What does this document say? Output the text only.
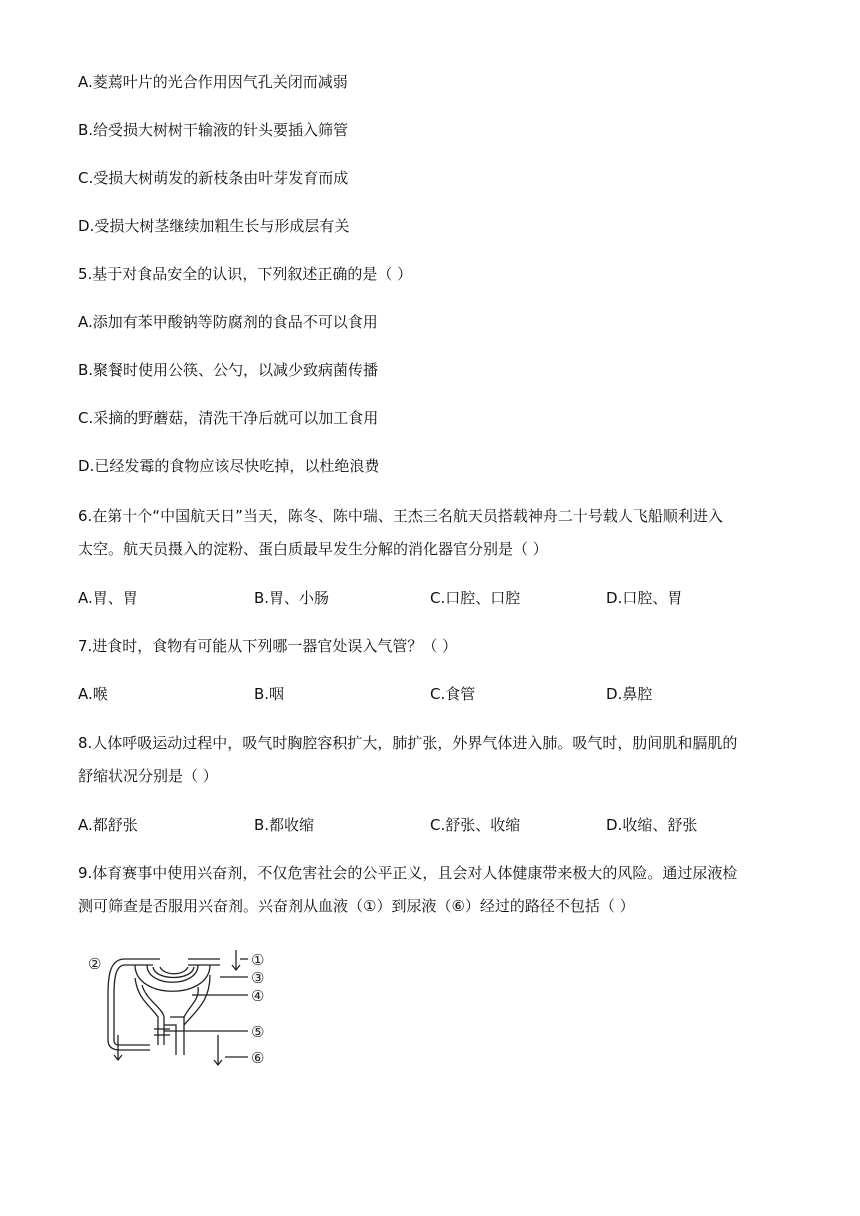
A.菱蔫叶片的光合作用因气孔关闭而减弱
B.给受损大树树干输液的针头要插入筛管
C.受损大树萌发的新枝条由叶芽发育而成
D.受损大树茎继续加粗生长与形成层有关
5.基于对食品安全的认识，下列叙述正确的是（ ）
A.添加有苯甲酸钠等防腐剂的食品不可以食用
B.聚餐时使用公筷、公勺，以减少致病菌传播
C.采摘的野蘑菇，清洗干净后就可以加工食用
D.已经发霉的食物应该尽快吃掉，以杜绝浪费
6.在第十个“中国航天日”当天，陈冬、陈中瑞、王杰三名航天员搭载神舟二十号载人飞船顺利进入
太空。航天员摄入的淀粉、蛋白质最早发生分解的消化器官分别是（ ）
A.胃、胃	B.胃、小肠	C.口腔、口腔	D.口腔、胃
7.进食时，食物有可能从下列哪一器官处误入气管？（ ）
A.喉	B.咽	C.食管	D.鼻腔
8.人体呼吸运动过程中，吸气时胸腔容积扩大，肺扩张，外界气体进入肺。吸气时，肋间肌和膈肌的
舒缩状况分别是（ ）
A.都舒张	B.都收缩	C.舒张、收缩	D.收缩、舒张
9.体育赛事中使用兴奋剂，不仅危害社会的公平正义，且会对人体健康带来极大的风险。通过尿液检
测可筛查是否服用兴奋剂。兴奋剂从血液（①）到尿液（⑥）经过的路径不包括（ ）
②	①
③
④
⑤
⑥
